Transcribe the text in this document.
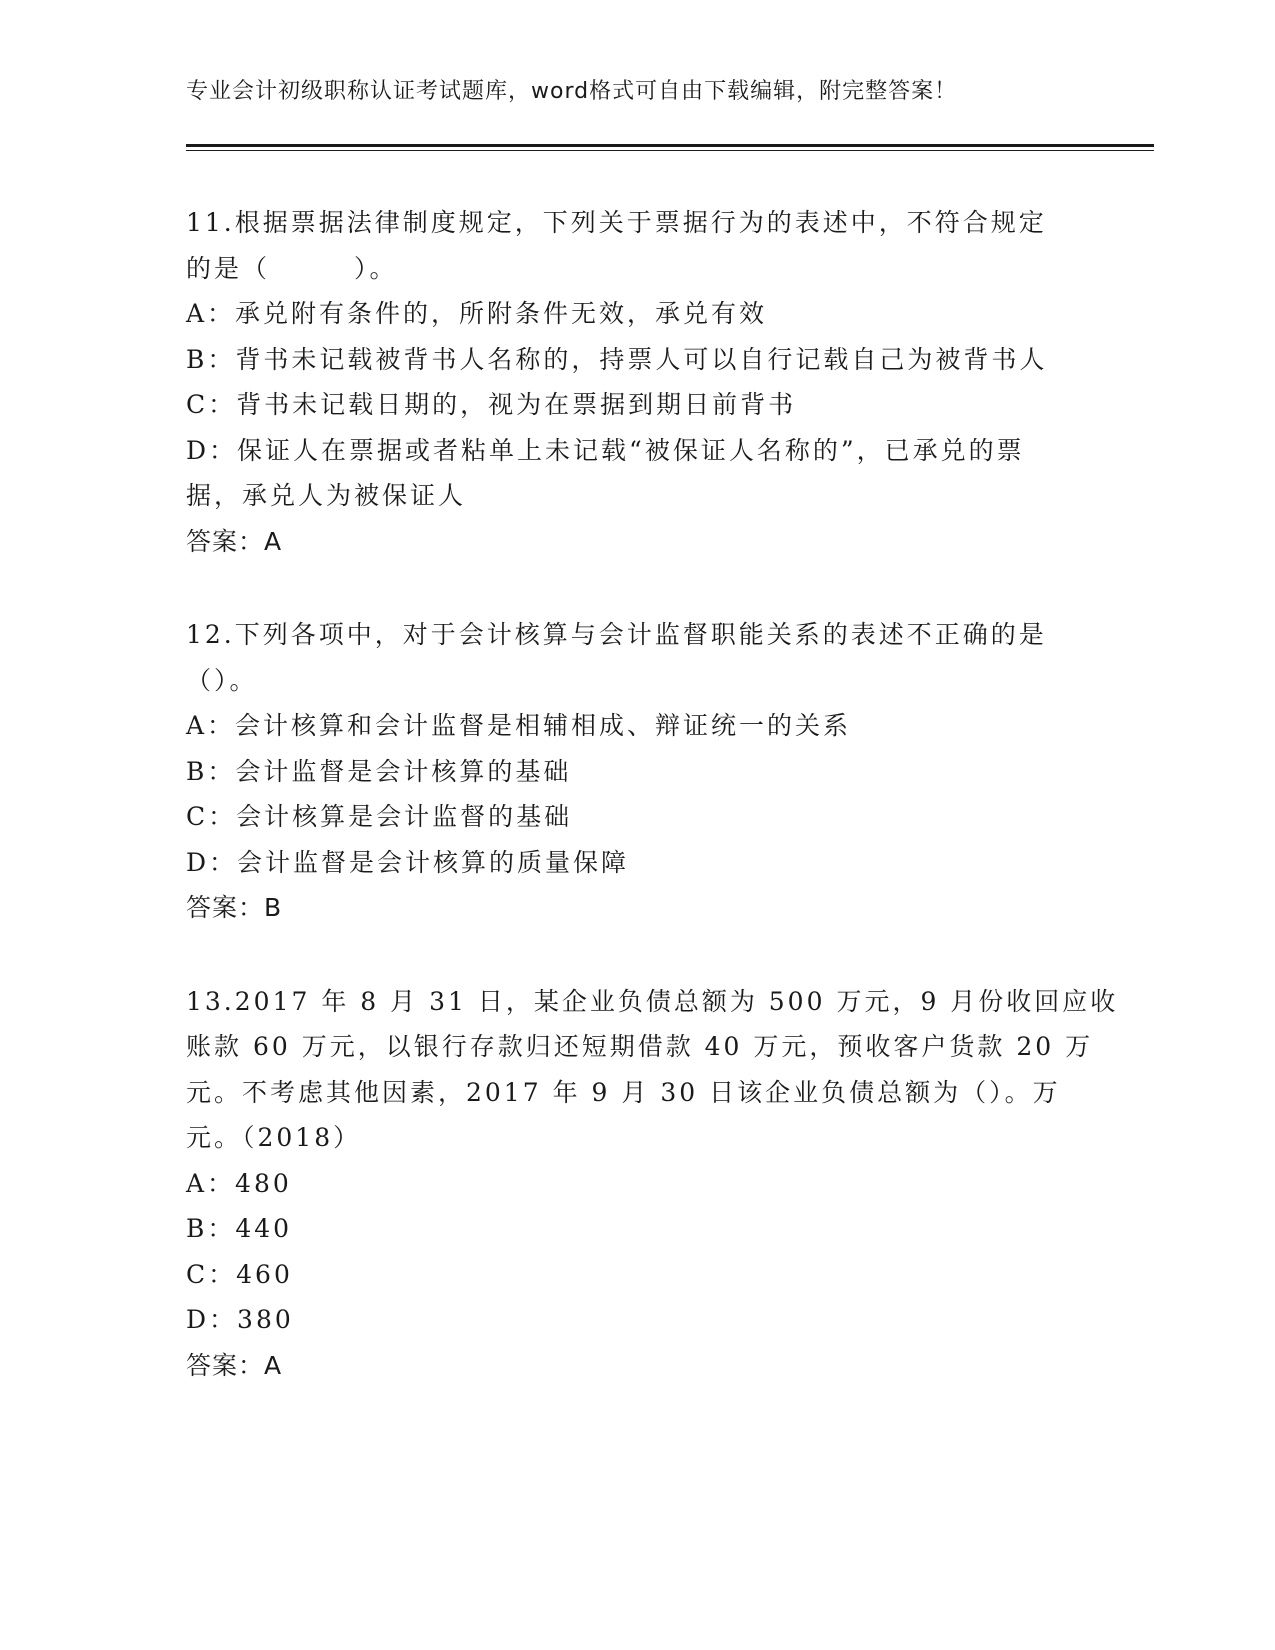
专业会计初级职称认证考试题库，word格式可自由下载编辑，附完整答案！
11.根据票据法律制度规定，下列关于票据行为的表述中，不符合规定
的是（　　　）。
A：承兑附有条件的，所附条件无效，承兑有效
B：背书未记载被背书人名称的，持票人可以自行记载自己为被背书人
C：背书未记载日期的，视为在票据到期日前背书
D：保证人在票据或者粘单上未记载“被保证人名称的”，已承兑的票
据，承兑人为被保证人
答案：A
12.下列各项中，对于会计核算与会计监督职能关系的表述不正确的是
（）。
A：会计核算和会计监督是相辅相成、辩证统一的关系
B：会计监督是会计核算的基础
C：会计核算是会计监督的基础
D：会计监督是会计核算的质量保障
答案：B
13.2017 年 8 月 31 日，某企业负债总额为 500 万元，9 月份收回应收
账款 60 万元，以银行存款归还短期借款 40 万元，预收客户货款 20 万
元。不考虑其他因素，2017 年 9 月 30 日该企业负债总额为（）。万
元。（2018）
A：480
B：440
C：460
D：380
答案：A
